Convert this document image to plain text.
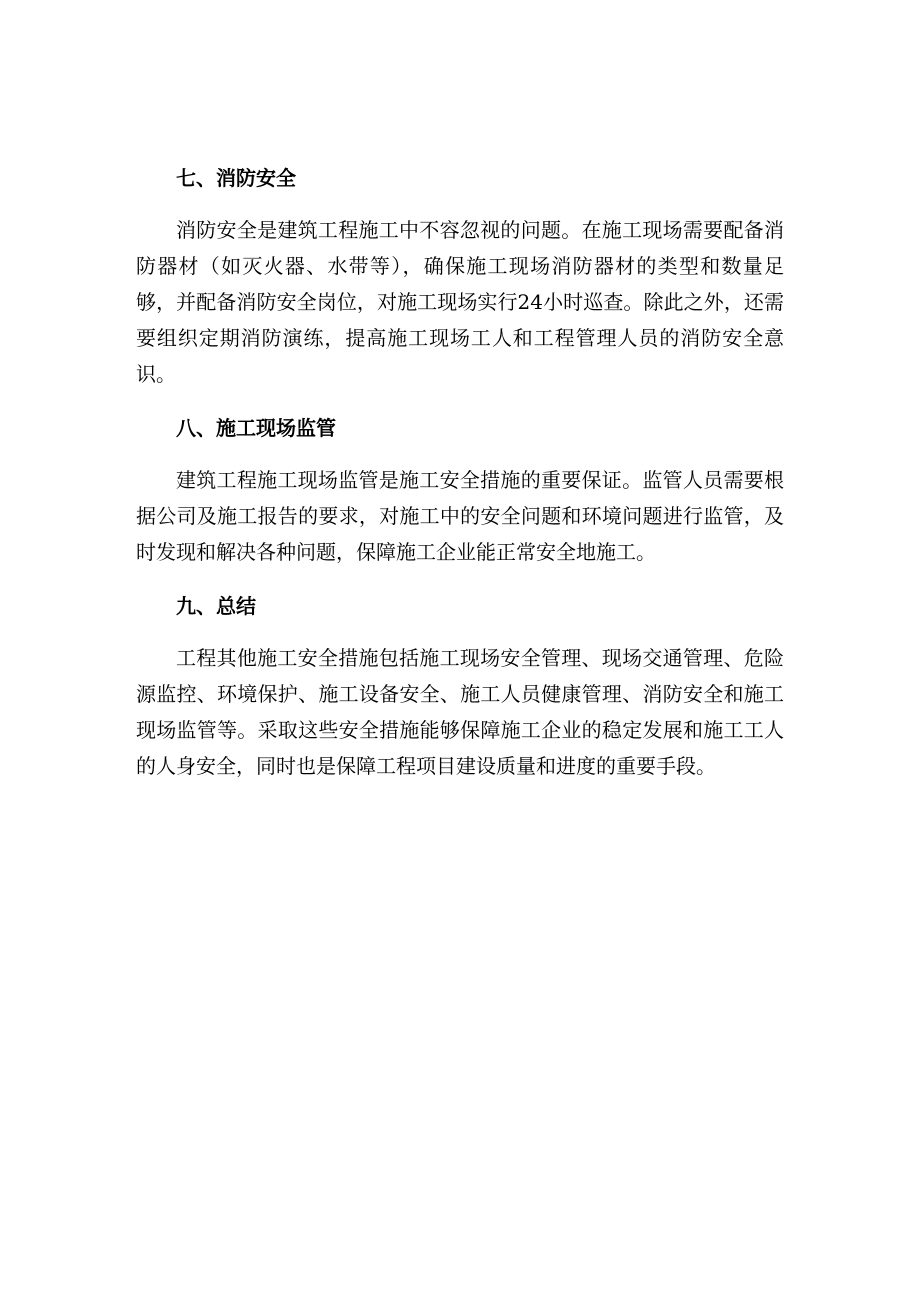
七、消防安全

消防安全是建筑工程施工中不容忽视的问题。在施工现场需要配备消防器材（如灭火器、水带等），确保施工现场消防器材的类型和数量足够，并配备消防安全岗位，对施工现场实行24小时巡查。除此之外，还需要组织定期消防演练，提高施工现场工人和工程管理人员的消防安全意识。

八、施工现场监管

建筑工程施工现场监管是施工安全措施的重要保证。监管人员需要根据公司及施工报告的要求，对施工中的安全问题和环境问题进行监管，及时发现和解决各种问题，保障施工企业能正常安全地施工。

九、总结

工程其他施工安全措施包括施工现场安全管理、现场交通管理、危险源监控、环境保护、施工设备安全、施工人员健康管理、消防安全和施工现场监管等。采取这些安全措施能够保障施工企业的稳定发展和施工工人的人身安全，同时也是保障工程项目建设质量和进度的重要手段。
